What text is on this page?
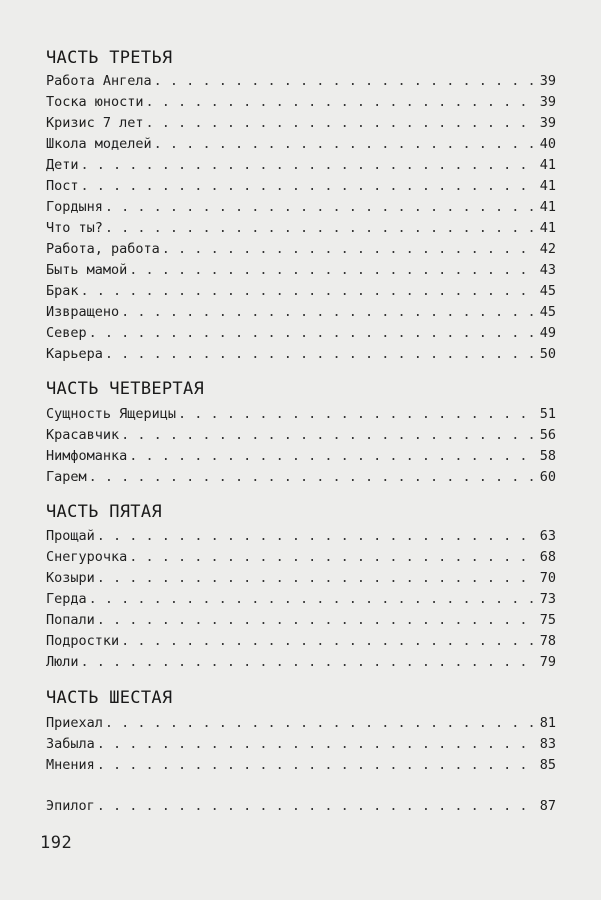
ЧАСТЬ ТРЕТЬЯ
Работа Ангела . . .	39
Тоска юности . . .	39
Кризис 7 лет . . .	39
Школа моделей . . .	40
Дети . . .	41
Пост . . .	41
Гордыня . . .	41
Что ты? . . .	41
Работа, работа . . .	42
Быть мамой . . .	43
Брак . . .	45
Извращено . . .	45
Север . . .	49
Карьера . . .	50
ЧАСТЬ ЧЕТВЕРТАЯ
Сущность Ящерицы . . .	51
Красавчик . . .	56
Нимфоманка . . .	58
Гарем . . .	60
ЧАСТЬ ПЯТАЯ
Прощай . . .	63
Снегурочка . . .	68
Козыри . . .	70
Герда . . .	73
Попали . . .	75
Подростки . . .	78
Люли . . .	79
ЧАСТЬ ШЕСТАЯ
Приехал . . .	81
Забыла . . .	83
Мнения . . .	85
Эпилог . . .	87
192
